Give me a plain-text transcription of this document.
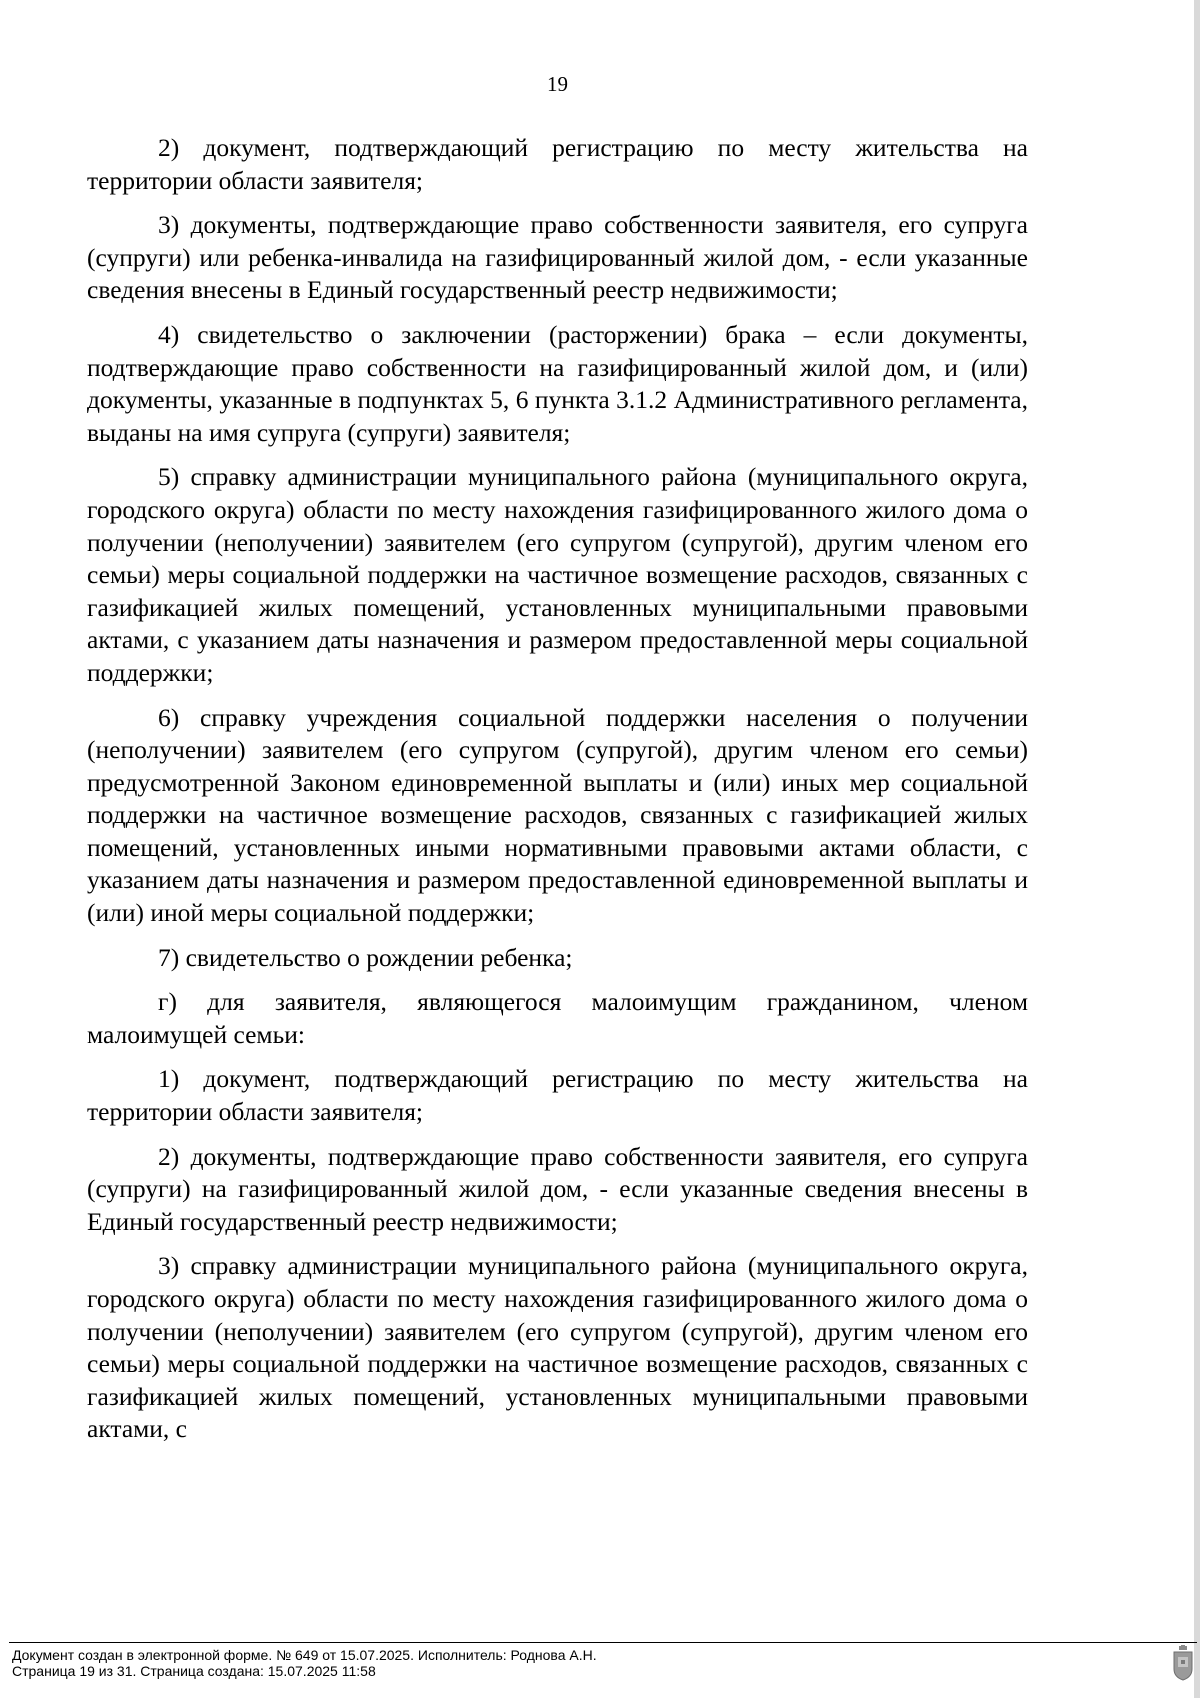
19

2) документ, подтверждающий регистрацию по месту жительства на территории области заявителя;

3) документы, подтверждающие право собственности заявителя, его супруга (супруги) или ребенка-инвалида на газифицированный жилой дом, - если указанные сведения внесены в Единый государственный реестр недвижимости;

4) свидетельство о заключении (расторжении) брака – если документы, подтверждающие право собственности на газифицированный жилой дом, и (или) документы, указанные в подпунктах 5, 6 пункта 3.1.2 Административного регламента, выданы на имя супруга (супруги) заявителя;

5) справку администрации муниципального района (муниципального округа, городского округа) области по месту нахождения газифицированного жилого дома о получении (неполучении) заявителем (его супругом (супругой), другим членом его семьи) меры социальной поддержки на частичное возмещение расходов, связанных с газификацией жилых помещений, установленных муниципальными правовыми актами, с указанием даты назначения и размером предоставленной меры социальной поддержки;

6) справку учреждения социальной поддержки населения о получении (неполучении) заявителем (его супругом (супругой), другим членом его семьи) предусмотренной Законом единовременной выплаты и (или) иных мер социальной поддержки на частичное возмещение расходов, связанных с газификацией жилых помещений, установленных иными нормативными правовыми актами области, с указанием даты назначения и размером предоставленной единовременной выплаты и (или) иной меры социальной поддержки;

7) свидетельство о рождении ребенка;

г) для заявителя, являющегося малоимущим гражданином, членом малоимущей семьи:

1) документ, подтверждающий регистрацию по месту жительства на территории области заявителя;

2) документы, подтверждающие право собственности заявителя, его супруга (супруги) на газифицированный жилой дом, - если указанные сведения внесены в Единый государственный реестр недвижимости;

3) справку администрации муниципального района (муниципального округа, городского округа) области по месту нахождения газифицированного жилого дома о получении (неполучении) заявителем (его супругом (супругой), другим членом его семьи) меры социальной поддержки на частичное возмещение расходов, связанных с газификацией жилых помещений, установленных муниципальными правовыми актами, с

Документ создан в электронной форме. № 649 от 15.07.2025. Исполнитель: Роднова А.Н.
Страница 19 из 31. Страница создана: 15.07.2025 11:58
